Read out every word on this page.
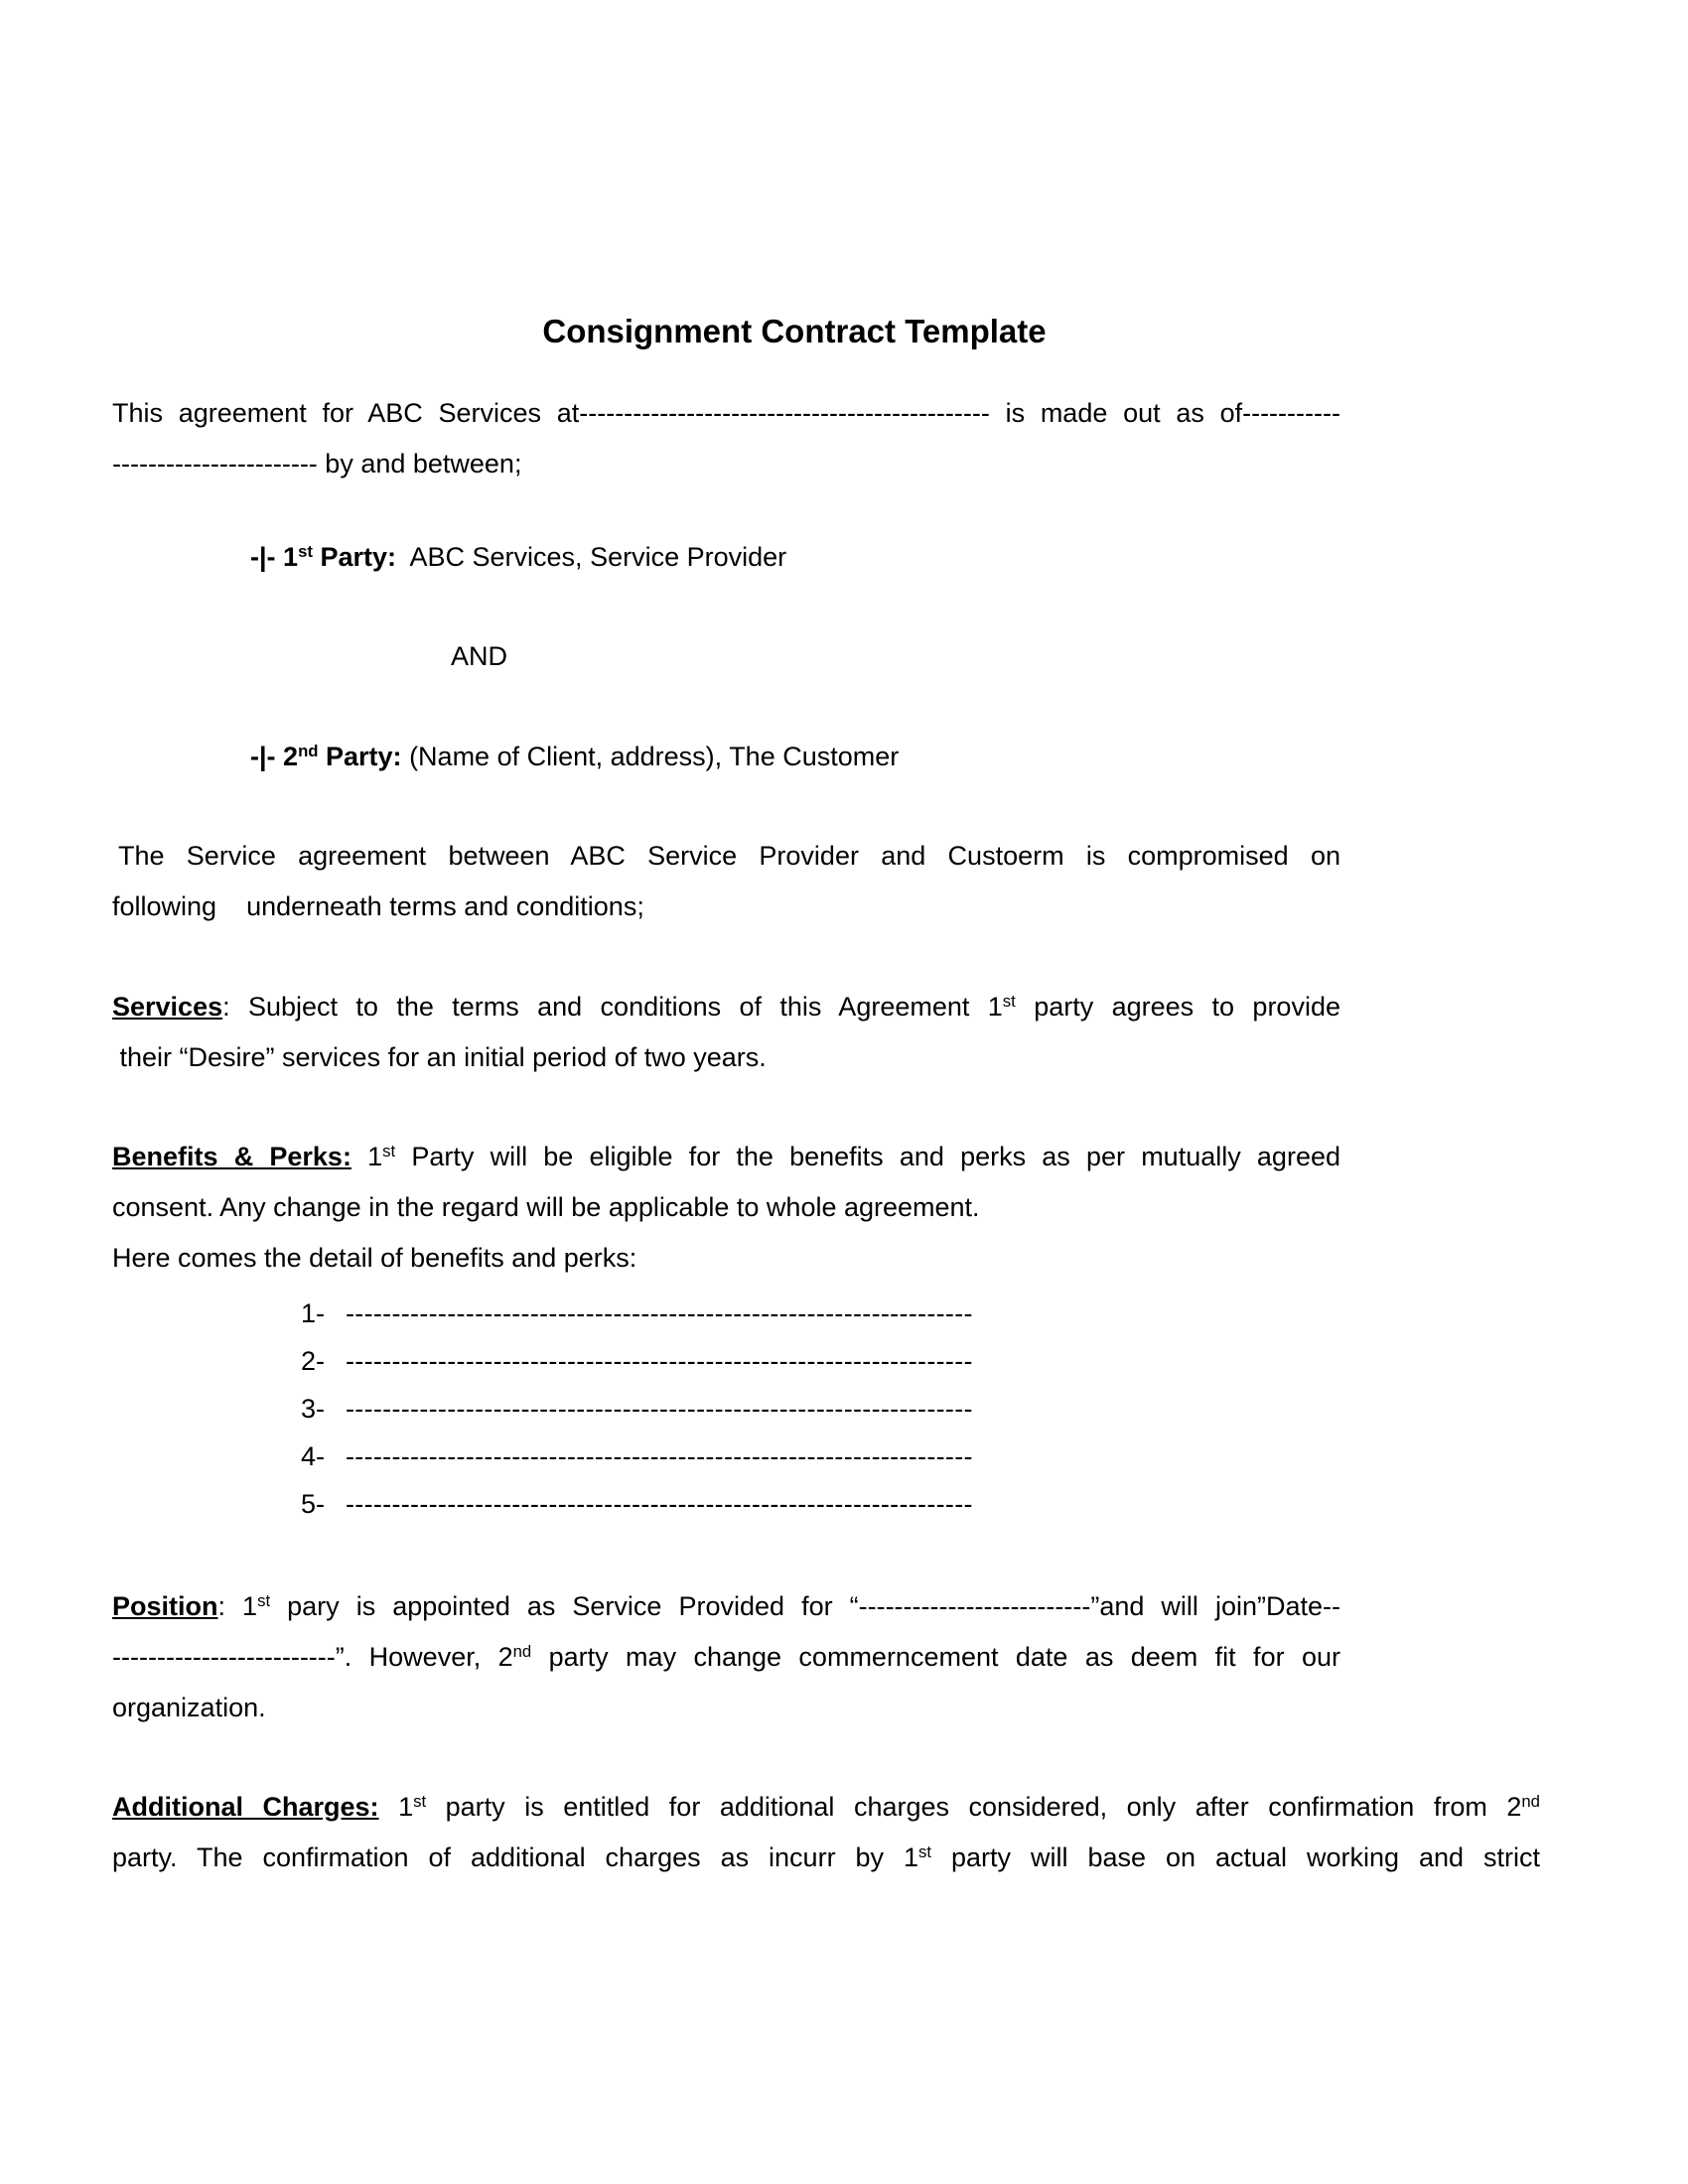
Consignment Contract Template
This agreement for ABC Services at---------------------------------------------- is made out as of-----------
----------------------- by and between;
-|- 1st Party:  ABC Services, Service Provider
AND
-|- 2nd Party: (Name of Client, address), The Customer
The Service agreement between ABC Service Provider and Custoerm is compromised on
following    underneath terms and conditions;
Services: Subject to the terms and conditions of this Agreement 1st party agrees to provide
their “Desire” services for an initial period of two years.
Benefits & Perks: 1st Party will be eligible for the benefits and perks as per mutually agreed
consent. Any change in the regard will be applicable to whole agreement.
Here comes the detail of benefits and perks:
1- --------------------------------------------------------------------
2- --------------------------------------------------------------------
3- --------------------------------------------------------------------
4- --------------------------------------------------------------------
5- --------------------------------------------------------------------
Position: 1st pary is appointed as Service Provided for “--------------------------”and will join”Date--
-------------------------”. However, 2nd party may change commerncement date as deem fit for our
organization.
Additional Charges: 1st party is entitled for additional charges considered, only after confirmation from 2nd
party. The confirmation of additional charges as incurr by 1st party will base on actual working and strict
